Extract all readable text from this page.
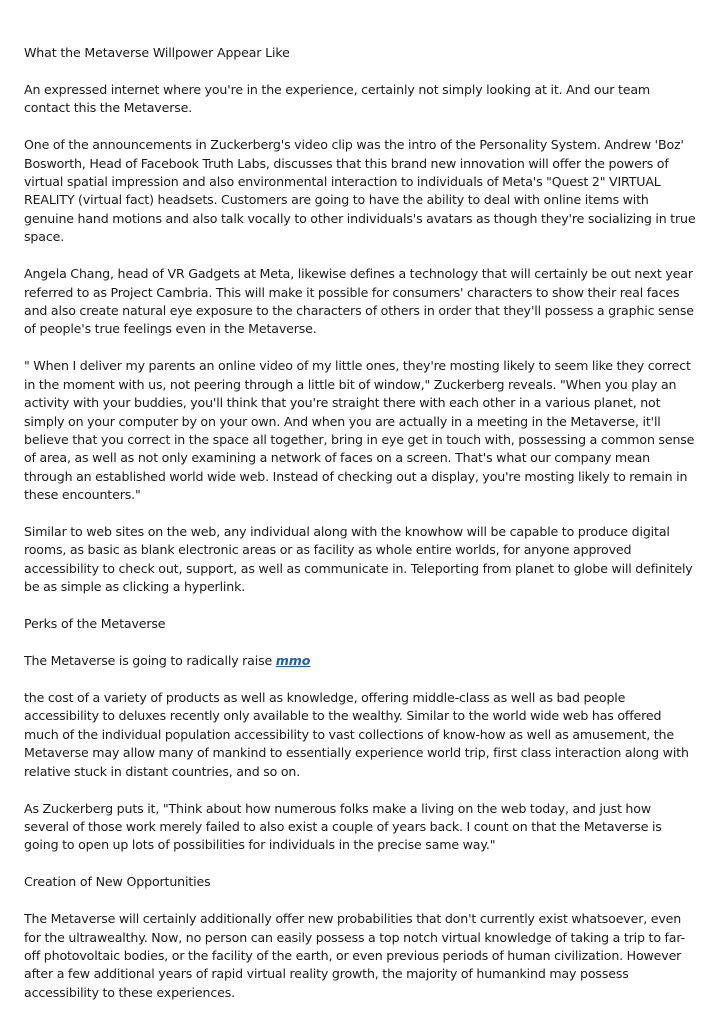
What the Metaverse Willpower Appear Like

An expressed internet where you're in the experience, certainly not simply looking at it. And our team contact this the Metaverse.

One of the announcements in Zuckerberg's video clip was the intro of the Personality System. Andrew 'Boz' Bosworth, Head of Facebook Truth Labs, discusses that this brand new innovation will offer the powers of virtual spatial impression and also environmental interaction to individuals of Meta's "Quest 2" VIRTUAL REALITY (virtual fact) headsets. Customers are going to have the ability to deal with online items with genuine hand motions and also talk vocally to other individuals's avatars as though they're socializing in true space.

Angela Chang, head of VR Gadgets at Meta, likewise defines a technology that will certainly be out next year referred to as Project Cambria. This will make it possible for consumers' characters to show their real faces and also create natural eye exposure to the characters of others in order that they'll possess a graphic sense of people's true feelings even in the Metaverse.

" When I deliver my parents an online video of my little ones, they're mosting likely to seem like they correct in the moment with us, not peering through a little bit of window," Zuckerberg reveals. "When you play an activity with your buddies, you'll think that you're straight there with each other in a various planet, not simply on your computer by on your own. And when you are actually in a meeting in the Metaverse, it'll believe that you correct in the space all together, bring in eye get in touch with, possessing a common sense of area, as well as not only examining a network of faces on a screen. That's what our company mean through an established world wide web. Instead of checking out a display, you're mosting likely to remain in these encounters."

Similar to web sites on the web, any individual along with the knowhow will be capable to produce digital rooms, as basic as blank electronic areas or as facility as whole entire worlds, for anyone approved accessibility to check out, support, as well as communicate in. Teleporting from planet to globe will definitely be as simple as clicking a hyperlink.

Perks of the Metaverse

The Metaverse is going to radically raise mmo

the cost of a variety of products as well as knowledge, offering middle-class as well as bad people accessibility to deluxes recently only available to the wealthy. Similar to the world wide web has offered much of the individual population accessibility to vast collections of know-how as well as amusement, the Metaverse may allow many of mankind to essentially experience world trip, first class interaction along with relative stuck in distant countries, and so on.

As Zuckerberg puts it, "Think about how numerous folks make a living on the web today, and just how several of those work merely failed to also exist a couple of years back. I count on that the Metaverse is going to open up lots of possibilities for individuals in the precise same way."

Creation of New Opportunities

The Metaverse will certainly additionally offer new probabilities that don't currently exist whatsoever, even for the ultrawealthy. Now, no person can easily possess a top notch virtual knowledge of taking a trip to far-off photovoltaic bodies, or the facility of the earth, or even previous periods of human civilization. However after a few additional years of rapid virtual reality growth, the majority of humankind may possess accessibility to these experiences.
